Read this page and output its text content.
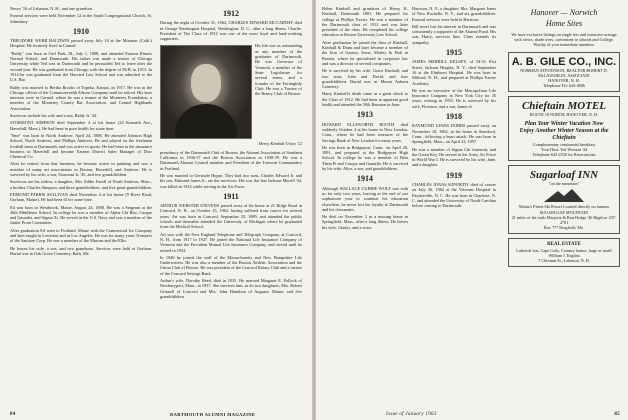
Nesvy '16 of Lebanon, N. H.; and one grandson.

Funeral services were held November 12 in the South Congregational Church, St. Johnsbury.

1910

THEODORE WEBB BALDWIN passed away July 18 at the Miramar (Calif.) Hospital. He formerly lived in Carmel.

"Baldy" was born in Owl Park, Ill., July 1, 1888, and attended Eastern Illinois Normal School, and Dartmouth. His father was made a trustee of Chicago University while Ted was in Dartmouth and he persuaded Ted to leave after the second year. He was graduated from Chicago with the degree of Ph.B. in 1913. In 1914 he was graduated from the Harvard Law School and was admitted to the U.S. Bar.

Baldy was married to Bertha Brooks of Topeka, Kansas, in 1917. He was in the Chicago offices of the Commonwealth Edison Company until he retired. His later interests were in Carmel, where he was a trustee of the Monterey Foundation, a member of the Monterey County Bar Association, and Carmel Highlands Association.

Survivors include his wife and a son, Baldy Jr. '44.

STORMONT SIMPSON died September 4 at his home (24 Kenneth Ave., Haverhill, Mass.). He had been in poor health for some time.

"Sme" was born in North Andover, April 24, 1888. He attended Johnson High School, North Andover, and Phillips Andover. He and played on the freshman football team at Dartmouth, and was active in sports. He had been in the insurance business in Haverhill and became Eastern District Sales Manager of Dow Chemical Co.

After he retired from that business, he became active in painting and was a member of many art associations in Boston, Haverhill, and Andover. He is survived by his wife, a son, Stormont Jr. '45, and two grandchildren.

Survivors are his widow, a daughter, Mrs. Eddie Favell of North Andover, Mass., a brother, Charles Simpson, and three grandchildren, and five great-grandchildren.

EDMOND FARRIS SULLIVAN died November 4 at his home (9 River Road, Gorham, Maine). He had been ill for some time.

Ed was born in Westbrook, Maine, August 24, 1888. He was a Sergeant at the 26th Middlesex School. In college he was a member of Alpha Chi Rho, Casque and Gauntlet, and Sigma Xi. He served in the U.S. Navy and was a member of the Junior Prom Committee.

After graduation Ed went to Portland, Maine with the Commercial Ice Company and later taught in Lewiston and in Los Angeles. He was for many years Treasurer of the Sanitary Corp. He was a member of the Masons and the Elks.

He leaves his wife, a son, and two grandsons. Services were held at Gorham. Burial was in Oak Grove Cemetery, Bath, Me.

1912

During the night of October 31, 1962, CHARLES EDWARD MCCARTHY died in George Washington Hospital, Washington, D. C., after a long illness. Charlie, President of The Class of 1912 was one of the most loyal and hard-working supporters.

His life was as outstanding as any member of the graduates of Dartmouth. He was Governor of Vermont, a member of the State Legislature for several terms, and a founder of the Fortnightly Club. He was a Trustee of the Rotary Club of Boston.

Henry Kimball Urion '12

presidency of the Dartmouth Club of Boston, the Alumni Association of Southern California in 1936-37 and the Boston Association in 1938-39. He was a Dartmouth Alumni Council member and President of the Tremont Commandery in Portland.

He was married to Gertrude Hopps. They had two sons, Charles Edward Jr. and his son, Edmund James Jr., are the survivors. His son, the late Jackson Merrill '44, was killed in 1943 while serving in the Air Force.

1911

ARTHUR WEBSTER STEVENS passed away at his home at 21 Ridge Road in Concord, N. H., on October 15, 1962, having suffered from cancer for several years. Art was born in Concord, September 25, 1889, and attended the public schools and thereafter attended the University of Michigan where he graduated from the Medical School.

Art was with the New England Telephone and Telegraph Company, at Concord, N. H., from 1917 to 1927. He joined the National Life Insurance Company of Vermont and the Provident Mutual Life Insurance Company, and served until he retired in 1954.

In 1940 he joined the staff of the Massachusetts and New Hampshire Life Underwriters. He was also a member of the Boston Athletic Association and the Union Club of Boston. He was president of the Concord Rotary Club and a trustee of the Concord Savings Bank.

Arthur's wife, Dorothy Reed, died in 1935. He married Margaret E. Pollock of Newburyport, Mass., in 1937. She survives him, as do two daughters, Mrs. Robert Grinnell of Concord and Mrs. John Hamilton of Augusta, Maine; and five grandchildren.

84	DARTMOUTH ALUMNI MAGAZINE

Helen Kimball and grandson of Henry K. Kimball, Dartmouth 1881. He prepared for college at Phillips Exeter. He was a member of the Dartmouth class of 1912 and was later president of the class. He completed his college education at Boston University Law School.

After graduation he joined the firm of Kimball, Kimball & Dunn and later became a member of the firm of Gaston, Snow, Motley & Holt in Boston, where he specialized in corporate law and was a director of several companies.

He is survived by his wife, Grace Kimball, and two sons, John and David, and four grandchildren. Burial was in Mount Auburn Cemetery.

Harry Kimball's death came as a great shock to the Class of 1912. He had been in apparent good health and attended the 50th Reunion in June.

1913

HOWARD ELLSWORTH BOOTH died suddenly October 4 at his home in New London, Conn., where he had been treasurer of the Savings Bank of New London for many years.

He was born in Bridgeport, Conn., on April 20, 1891, and prepared at the Bridgeport High School. In college he was a member of Beta Theta Pi and Casque and Gauntlet. He is survived by his wife, Alice, a son, and grandchildren.

1914

Although WALLACE CURRIE WOLF was with us for only two years, leaving at the end of our sophomore year to continue his education elsewhere, he never lost his loyalty to Dartmouth and his classmates.

He died on November 2 in a nursing home in Springfield, Mass., after a long illness. He leaves his wife, Gladys, and a sister.

Harrison, N. Y., a daughter, Mrs. Margaret Jones of New Rochelle, N. Y., and six grandchildren. Funeral services were held in Harrison.

Bill never lost his interest in Dartmouth and was consistently a supporter of the Alumni Fund. His son, Harry, survives him. Class extends its sympathy.

1915

JAMES MERRILL KELSEY, of 54-51 81st Street, Jackson Heights, N. Y., died September 16 at the Elmhurst Hospital. He was born in Milford, N. H., and prepared at Phillips Exeter Academy.

He was an executive of the Metropolitan Life Insurance Company in New York City for 35 years, retiring in 1955. He is survived by his wife, Florence, and a son, James Jr.

1918

RAYMOND LEWIS DOBBS passed away on November 18, 1962, in his home in Stamford, Conn., following a heart attack. He was born in Springfield, Mass., on April 22, 1897.

He was a member of Sigma Chi fraternity and the Green Key. He served in the Army Air Force in World War I. He is survived by his wife, Jane, and a daughter.

1919

CHARLES JONAS KENNEDY died of cancer on July 26, 1962 at the Veterans Hospital in Fayetteville, N. C. He was born in Charlotte, N. C. and attended the University of North Carolina before coming to Dartmouth.

Issue of January 1963
Hanover — Norwich
Home Sites
We have exclusive listings on single lots and extensive acreage with views, shade trees, convenient to schools and College. Worthy of your immediate attention.
A. B. GILE CO., INC.
NORMAN STEVENSON, REALTOR ROBERT D. McLAUGHLIN, ASSOCIATE
HANOVER, N. H.
Telephone Tel: 643-4006
Chieftain MOTEL
ROUTE 10 NORTH, HANOVER, N. H.
Plan Your Winter Vacation Now
Enjoy Another Winter Season at the Chieftain
Complimentary continental breakfast
Your Host: Ted Wrestan '44
Telephone 643-2550 for Reservations
Sugarloaf INN
"on the mountain"
Maine's Finest Ski Resort Located directly on famous SUGARLOAF MOUNTAIN
21 miles of ski trails Marjorie & Bart Hodge '46 Bigelow 237-2701
Box 777 Kingfield, Me.
REAL ESTATE
Lakeside lots, Cape Cods, Country homes, large or small
William J. English
7 Chestnut St., Lebanon, N. H.
85
